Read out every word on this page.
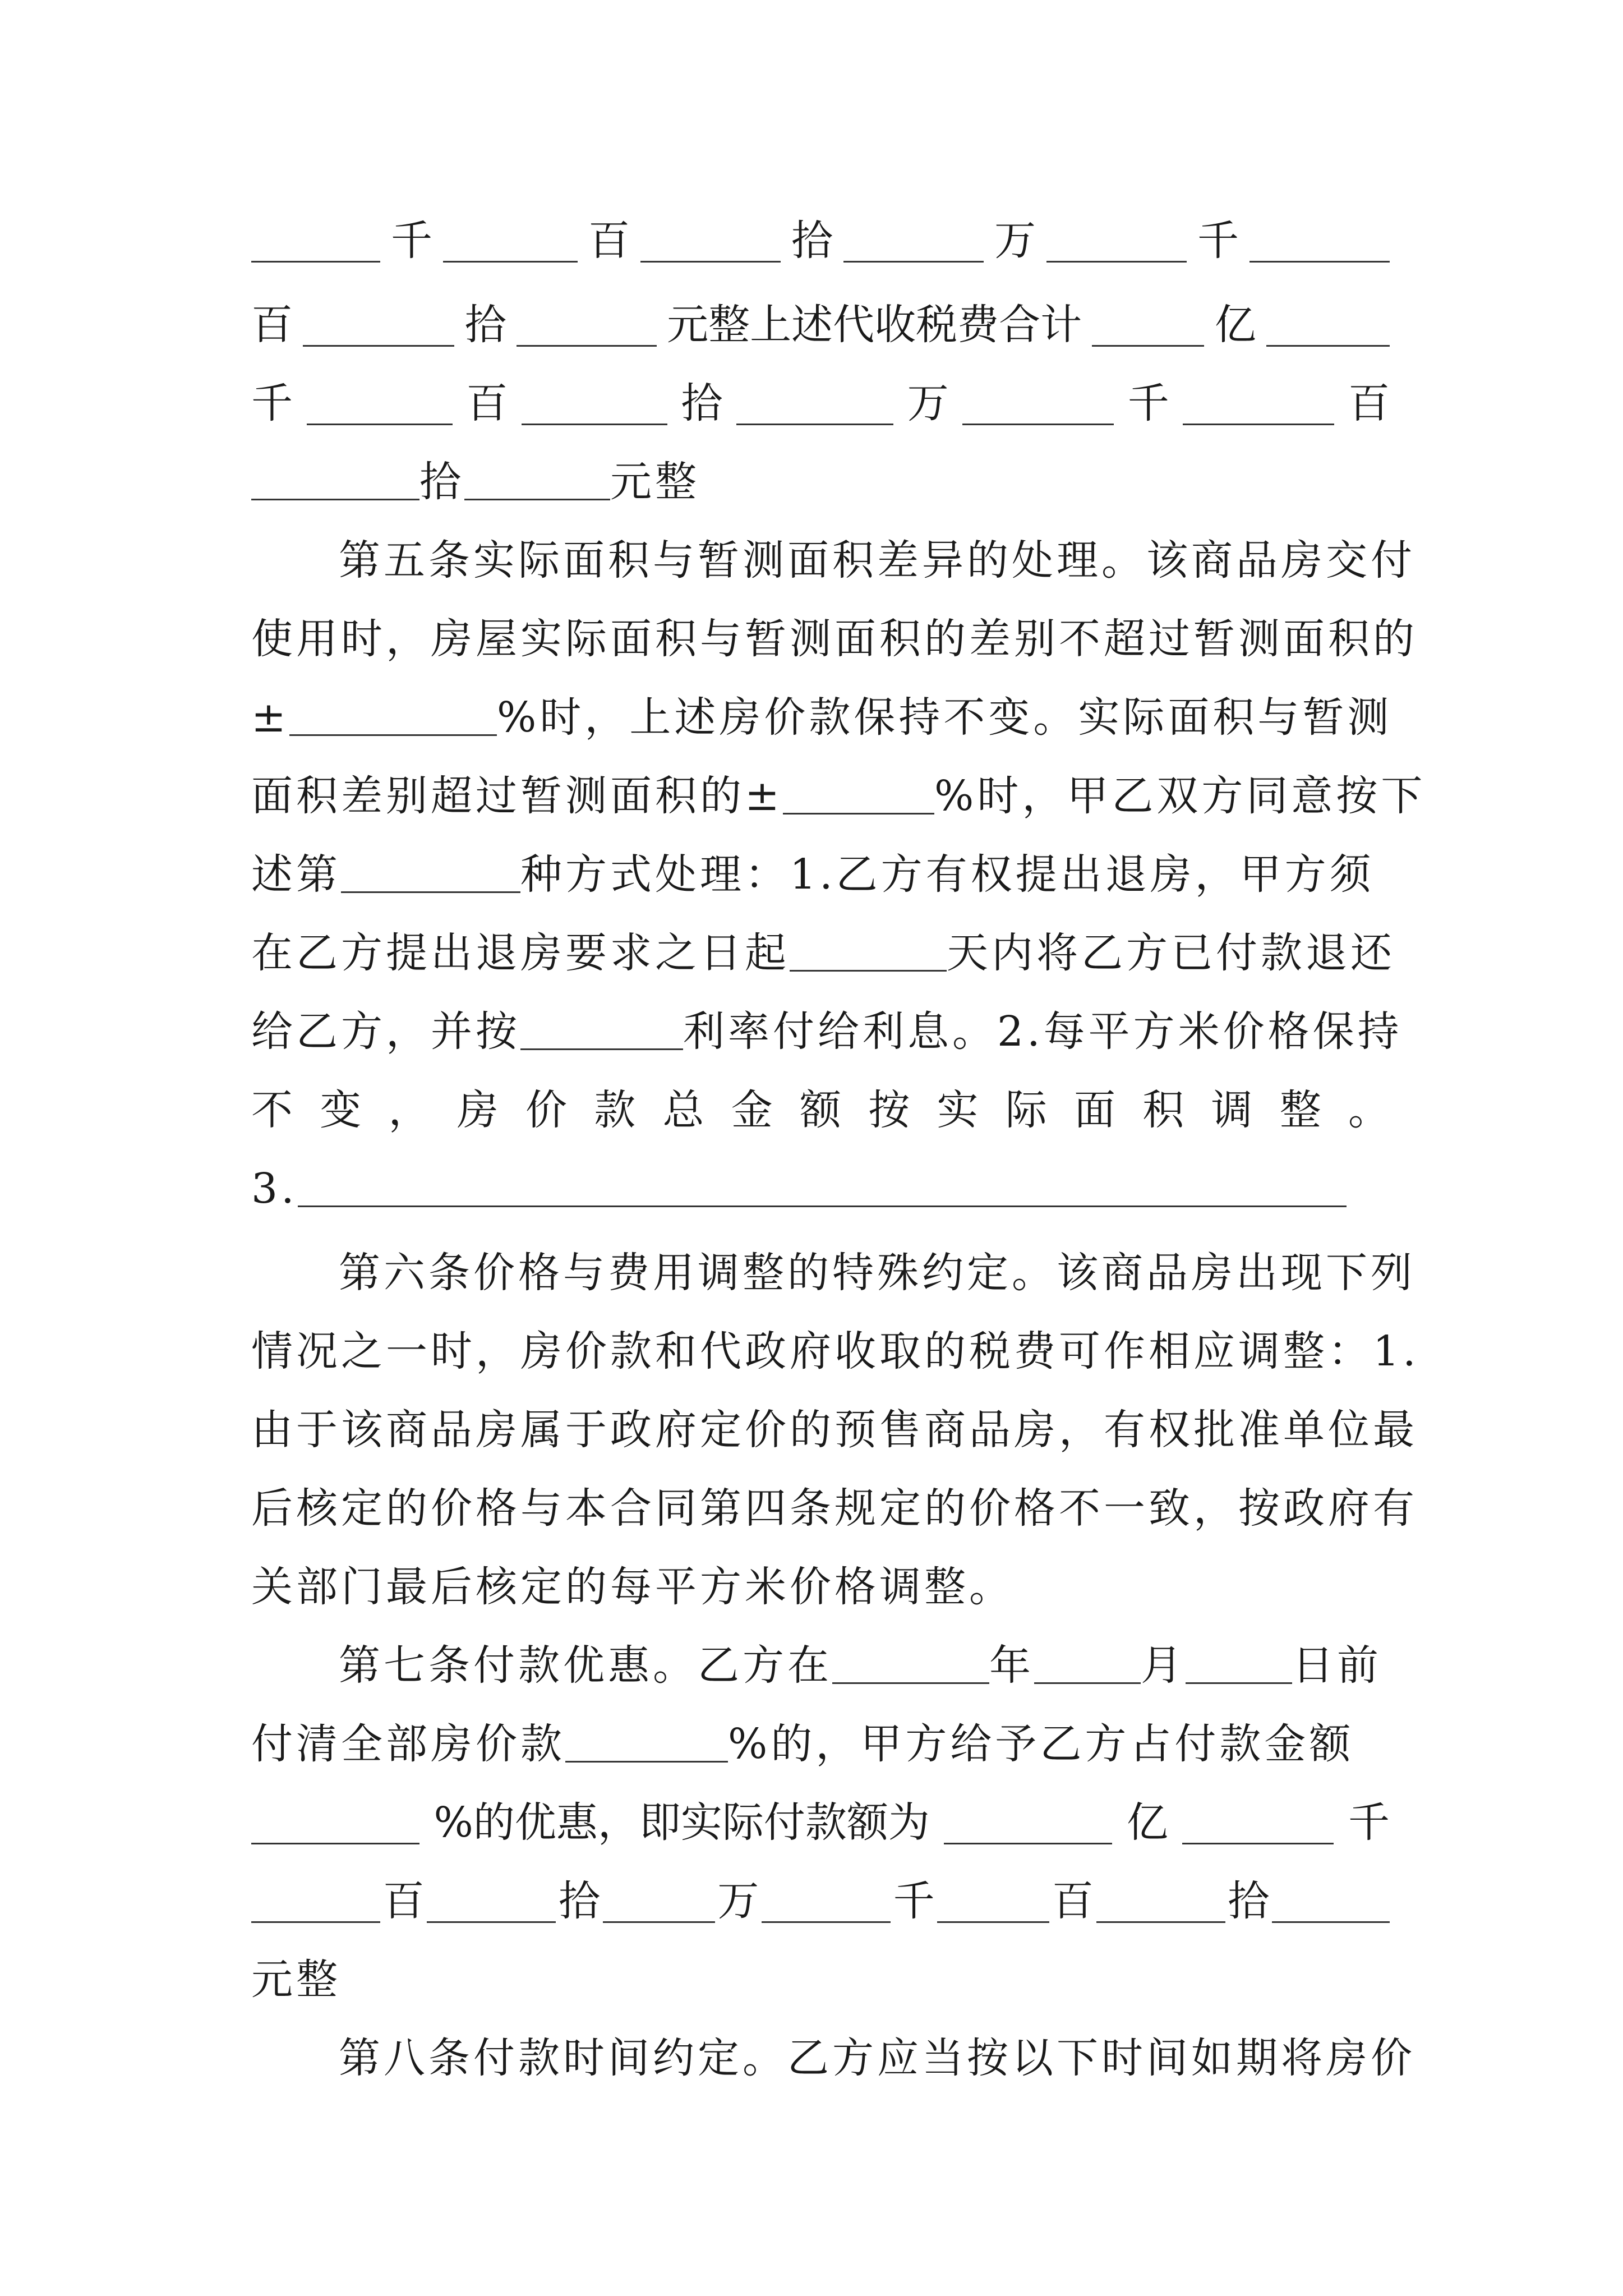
千	百	拾	万	千
百	拾	元整上述代收税费合计	亿
千	百	拾	万	千	百
拾	元整
第五条实际面积与暂测面积差异的处理。该商品房交付
使用时，房屋实际面积与暂测面积的差别不超过暂测面积的
±	%时，上述房价款保持不变。实际面积与暂测
面积差别超过暂测面积的±	%时，甲乙双方同意按下
述第	种方式处理：1.乙方有权提出退房，甲方须
在乙方提出退房要求之日起	天内将乙方已付款退还
给乙方，并按	利率付给利息。2.每平方米价格保持
不 变 ， 房 价 款 总 金 额 按 实 际 面 积 调 整 。
3.
第六条价格与费用调整的特殊约定。该商品房出现下列
情况之一时，房价款和代政府收取的税费可作相应调整：1.
由于该商品房属于政府定价的预售商品房，有权批准单位最
后核定的价格与本合同第四条规定的价格不一致，按政府有
关部门最后核定的每平方米价格调整。
第七条付款优惠。乙方在	年	月	日前
付清全部房价款	%的，甲方给予乙方占付款金额
%的优惠，即实际付款额为	亿	千
百	拾	万	千	百	拾
元整
第八条付款时间约定。乙方应当按以下时间如期将房价
